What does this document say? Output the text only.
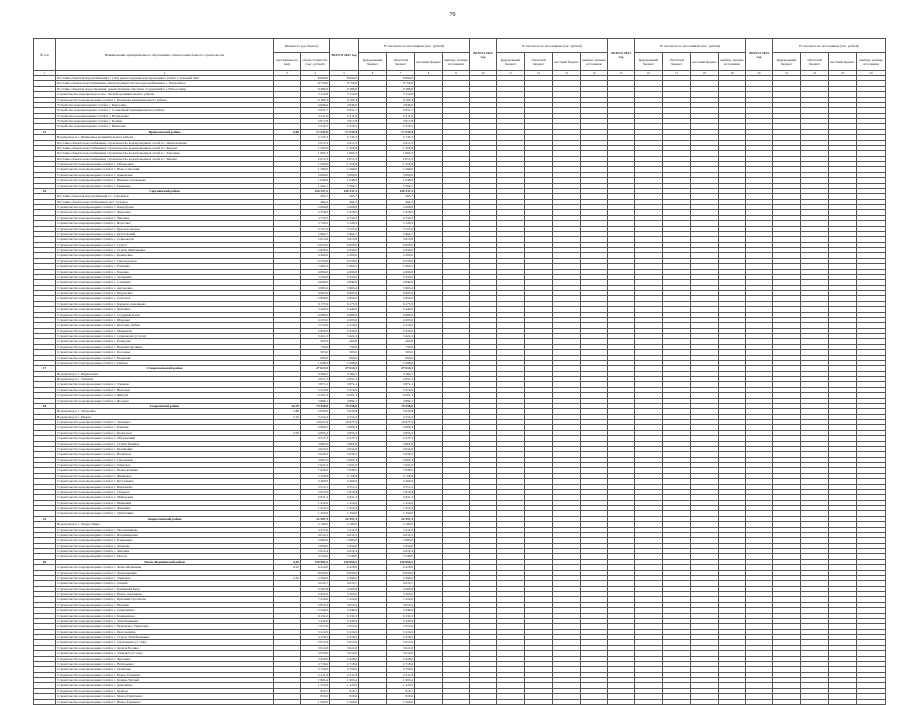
70
№ п/п	Наименование муниципального образования, объекта капитального строительства	Мощность (ед.объекта)		ВСЕГО 2021 год	В том числе по источникам (тыс. рублей)				ВСЕГО 2022 год	В том числе по источникам (тыс. рублей)				ВСЕГО 2023 год	В том числе по источникам (тыс. рублей)				ВСЕГО 2024 год	В том числе по источникам (тыс. рублей)				
		протяжённость (км)	объем стоимости (тыс. рублей)		федеральный бюджет	областной бюджет	местный бюджет	внебюд- жетные источники		федеральный бюджет	областной бюджет	местный бюджет	внебюд- жетные источники		федеральный бюджет	областной бюджет	местный бюджет	внебюд- жетные источники		федеральный бюджет	областной бюджет	местный бюджет	внебюд- жетные источники	

1	2	3	4	5	6	7	8	9	10	11	12	13	14	15	16	17	18	19	20	21	22	23	24	
	Поставка объектов водоснабжения (1 этап) реконструкция водопроводных сетей в г. Зеленый Лист		8 690,0	8 690,0		8 690,0																		
	Поставка объекта водоснабжения, реконструкция систем водоснабжения в с. Ольховатое		8 750,0	8 750,0		8 750,0																		
	Поставка объектов водоотведения, реконструкция очистных сооружений в г. Новоселицк		9 280,0	9 280,0		9 280,0																		
	Строительство водопровода в пос. Лесной муниципального района		3 114,8	3 114,8		3 114,8																		
	Строительство водопроводных сетей в с. Покровка муниципального района		6 184,3	6 184,3		6 184,3																		
	Устройство водопроводных сетей в с. Березовка		4 846,0	4 846,0		4 846,0																		
	Устройство водопроводных сетей в с. Солнечный муниципального района		2 051,7	2 051,7		2 051,7																		
	Устройство водопроводных сетей в с. Вознесенка		2 211,0	2 211,0		2 211,0																		
	Устройство водопроводных сетей в с. Кошки		3 817,8	3 817,8		3 817,8																		
	Устройство водопроводных сетей в с. Ивановка		2 519,5	2 519,5		2 519,5																		
15	Приволжский район	0,69	17 533,9	17 533,9		17 533,9																		
	Водопровод в с. Приволжье муниципального района		2 745,3	2 745,3		2 745,3																		
	Поставка объекта водоснабжения, строительство водопроводных сетей в с. Преполовенка		2 013,3	2 013,3		2 013,3																		
	Поставка объекта водоснабжения, строительство водопроводных сетей в с. Кордон		1 500,0	1 500,0		1 500,0																		
	Поставка объекта водоснабжения, строительство водопроводных сетей в с. Заволжье		1 003,3	1 003,3		1 003,3																		
	Поставка объекта водоснабжения, строительство водопроводных сетей в с. Мокша		2 013,3	2 013,3		2 013,3																		
	Строительство водопроводных сетей в с. Обшаровка		1 450,0	1 450,0		1 450,0																		
	Строительство водопроводных сетей в с. Ново-Спасский		1 260,0	1 260,0		1 260,0																		
	Строительство водопроводных сетей в с. Давыдовка		3 000,0	3 000,0		3 000,0																		
	Строительство водопроводных сетей в с. Нижнее Санчелеево		1 046,6	1 046,6		1 046,6																		
	Строительство водопроводных сетей в с. Ермаково		1 502,1	1 502,1		1 502,1																		
16	Сергиевский район		126 337,2	126 337,2		126 337,2																		
	Поставка объектов водоснабжения в с. Сергиевск		465,7	465,7		465,7																		
	Поставка объекта водоснабжения в пос. Суходол		482,2	482,2		482,2																		
	Строительство водопроводных сетей в с. Кандабулак		2 066,8	2 066,8		2 066,8																		
	Строительство водопроводных сетей в с. Черновка		2 376,0	2 376,0		2 376,0																		
	Строительство водопроводных сетей в с. Липовка		3 750,3	3 750,3		3 750,3																		
	Строительство водопроводных сетей в с. Воротнее		5 726,5	5 726,5		5 726,5																		
	Строительство водопроводных сетей в с. Красносельское		3 721,0	3 721,0		3 721,0																		
	Строительство водопроводных сетей в с. Кутузовский		2 964,7	2 964,7		2 964,7																		
	Строительство водопроводных сетей в с. Серноводск		5 813,8	5 813,8		5 813,8																		
	Строительство водопроводных сетей в с. Сургут		6 870,0	6 870,0		6 870,0																		
	Строительство водопроводных сетей в с. Старая Дмитриевка		2 845,0	2 845,0		2 845,0																		
	Строительство водопроводных сетей в с. Калиновка		4 360,0	4 360,0		4 360,0																		
	Строительство водопроводных сетей в с. Светлодольск		6 250,0	6 250,0		6 250,0																		
	Строительство водопроводных сетей в с. Елшанка		7 465,5	7 465,5		7 465,5																		
	Строительство водопроводных сетей в с. Боровка		4 690,0	4 690,0		4 690,0																		
	Строительство водопроводных сетей в с. Захаркино		5 250,0	5 250,0		5 250,0																		
	Строительство водопроводных сетей в с. Славкино		4 840,0	4 840,0		4 840,0																		
	Строительство водопроводных сетей в с. Антоновка		3 963,2	3 963,2		3 963,2																		
	Строительство водопроводных сетей в с. Нероновка		6 965,0	6 965,0		6 965,0																		
	Строительство водопроводных сетей в с. Спасское		3 850,0	3 850,0		3 850,0																		
	Строительство водопроводных сетей в с. Кармало-Аделяково		6 175,9	6 175,9		6 175,9																		
	Строительство водопроводных сетей в с. Чекалино		5 440,0	5 440,0		5 440,0																		
	Строительство водопроводных сетей в с. Студеный Ключ		6 680,0	6 680,0		6 680,0																		
	Строительство водопроводных сетей в с. Шаровка		4 205,0	4 205,0		4 205,0																		
	Строительство водопроводных сетей в с. Красные Дубки		2 210,0	2 210,0		2 210,0																		
	Строительство водопроводных сетей в с. Мамыково		2 950,0	2 950,0		2 950,0																		
	Строительство водопроводных сетей в с. Серноводск (2 этап)		3 421,5	3 421,5		3 421,5																		
	Строительство водопроводных сетей в с. Кондурча		263,0	263,0		263,0																		
	Строительство водопроводных сетей в с. Верхняя Орлянка		750,0	750,0		750,0																		
	Строительство водопроводных сетей в с. Козловка		565,0	565,0		565,0																		
	Строительство водопроводных сетей в с. Покровка		600,0	600,0		600,0																		
	Строительство водопроводных сетей в с. Рыбное		1 008,0	1 008,0		1 008,0																		
17	Ставропольский район		27 613,5	27 613,5		27 613,5																		
	Водопровод в с. Кирилловка		4 384,5	4 384,5		4 384,5																		
	Водопровод в с. Ташелка		4 051,5	4 051,5		4 051,5																		
	Строительство водопроводных сетей в с. Узюково		3 871,2	3 871,2		3 871,2																		
	Строительство водопроводных сетей в с. Выселки		5 214,9	5 214,9		5 214,9																		
	Строительство водопроводных сетей в с. Жигули		6 201,3	6 201,3		6 201,3																		
	Строительство водопроводных сетей в с. Ягодное		3 890,1	3 890,1		3 890,1																		
18	Сызранский район	20,70	79 458,8	79 458,8		79 458,8																		
	Водопровод в с. Заборовка	5,80	5 830,9	5 830,9		5 830,9																		
	Водопровод в с. Рамено	3,10	3 214,2	3 214,2		3 214,2																		
	Строительство водопроводных сетей в с. Троицкое		16 627,9	16 627,9		16 627,9																		
	Строительство водопроводных сетей в с. Кашпир		4 906,2	4 906,2		4 906,2																		
	Строительство водопроводных сетей в с. Печерское	2,50	4 855,4	4 855,4		4 855,4																		
	Строительство водопроводных сетей в с. Образцовый		4 517,2	4 517,2		4 517,2																		
	Строительство водопроводных сетей в с. Старая Рачейка		3 863,0	3 863,0		3 863,0																		
	Строительство водопроводных сетей в с. Балашейка		4 614,0	4 614,0		4 614,0																		
	Строительство водопроводных сетей в с. Волжское		5 026,3	5 026,3		5 026,3																		
	Строительство водопроводных сетей в с. Смолькино		3 895,5	3 895,5		3 895,5																		
	Строительство водопроводных сетей в с. Усинское		7 621,6	7 621,6		7 621,6																		
	Строительство водопроводных сетей в с. Новая Рачейка		7 930,0	7 930,0		7 930,0																		
	Строительство водопроводных сетей в с. Жемковка		2 156,6	2 156,6		2 156,6																		
	Строительство водопроводных сетей в с. Бестужевка		4 400,0	4 400,0		4 400,0																		
	Строительство водопроводных сетей в с. Варламово		3 513,1	3 513,1		3 513,1																		
	Строительство водопроводных сетей в с. Сборное		2 810,9	2 810,9		2 810,9																		
	Строительство водопроводных сетей в с. Майоровка		2 621,4	2 621,4		2 621,4																		
	Строительство водопроводных сетей в с. Ивашевка		1 410,0	1 410,0		1 410,0																		
	Строительство водопроводных сетей в с. Чекалино		1 414,5	1 414,5		1 414,5																		
	Строительство водопроводных сетей в с. Трубетчино		1 250,0	1 250,0		1 250,0																		
19	Хворостянский район		22 597,3	22 597,3		22 597,3																		
	Водопровод в с. Хворостянка		2 190,0	2 190,0		2 190,0																		
	Строительство водопроводных сетей в с. Масленниково		3 411,6	3 411,6		3 411,6																		
	Строительство водопроводных сетей в с. Владимировка		4 014,3	4 014,3		4 014,3																		
	Строительство водопроводных сетей в с. Романовка		2 983,0	2 983,0		2 983,0																		
	Строительство водопроводных сетей в с. Абашево		3 650,0	3 650,0		3 650,0																		
	Строительство водопроводных сетей в с. Липовка		2 812,4	2 812,4		2 812,4																		
	Строительство водопроводных сетей в с. Мосты		3 536,0	3 536,0		3 536,0																		
20	Челно-Вершинский район	0,50	130 965,5	130 965,5		130 965,5																		
	Строительство водопроводных сетей в с. Челно-Вершины	0,50	6 416,0	6 416,0		6 416,0																		
	Строительство водопроводных сетей в с. Девлезеркино		8 930,0	8 930,0		8 930,0																		
	Строительство водопроводных сетей в с. Токмакла	2,50	2 560,0	2 560,0		2 560,0																		
	Строительство водопроводных сетей в с. Озерки		4 014,7	4 014,7		4 014,7																		
	Строительство водопроводных сетей в с. Каменный Брод		4 403,8	4 403,8		4 403,8																		
	Строительство водопроводных сетей в с. Новое Аделяково		5 203,0	5 203,0		5 203,0																		
	Строительство водопроводных сетей в с. Красный Строитель		7 410,0	7 410,0		7 410,0																		
	Строительство водопроводных сетей в с. Шламка		3 810,4	3 810,4		3 810,4																		
	Строительство водопроводных сетей в с. Сиделькино		3 240,0	3 240,0		3 240,0																		
	Строительство водопроводных сетей в с. Кошкинское		6 132,2	6 132,2		6 132,2																		
	Строительство водопроводных сетей в с. Эштебенькино		5 430,0	5 430,0		5 430,0																		
	Строительство водопроводных сетей в с. Чувашское Урметьево		7 017,0	7 017,0		7 017,0																		
	Строительство водопроводных сетей в с. Краснояриха		3 210,0	3 210,0		3 210,0																		
	Строительство водопроводных сетей в с. Старое Эштебенькино		4 318,5	4 318,5		4 318,5																		
	Строительство водопроводных сетей в с. Сиделькино (2 этап)		5 013,9	5 013,9		5 013,9																		
	Строительство водопроводных сетей в с. Лесная Поляна		3 612,0	3 612,0		3 612,0																		
	Строительство водопроводных сетей в с. Токмакла (2 этап)		3 010,0	3 010,0		3 010,0																		
	Строительство водопроводных сетей в с. Чистовка		2 450,0	2 450,0		2 450,0																		
	Строительство водопроводных сетей в с. Васильевка		2 718,6	2 718,6		2 718,6																		
	Строительство водопроводных сетей в с. Осиновка		3 156,0	3 156,0		3 156,0																		
	Строительство водопроводных сетей в с. Новое Усманово		2 411,9	2 411,9		2 411,9																		
	Строительство водопроводных сетей в с. Кошки-Теплый		1 963,4	1 963,4		1 963,4																		
	Строительство водопроводных сетей в с. Деколкино		1 210,0	1 210,0		1 210,0																		
	Строительство водопроводных сетей в с. Чулпан		914,7	914,7		914,7																		
	Строительство водопроводных сетей в с. Малое Ишуткино		810,0	810,0		810,0																		
	Строительство водопроводных сетей в с. Новое Ермаково		1 500,0	1 500,0		1 500,0																		
